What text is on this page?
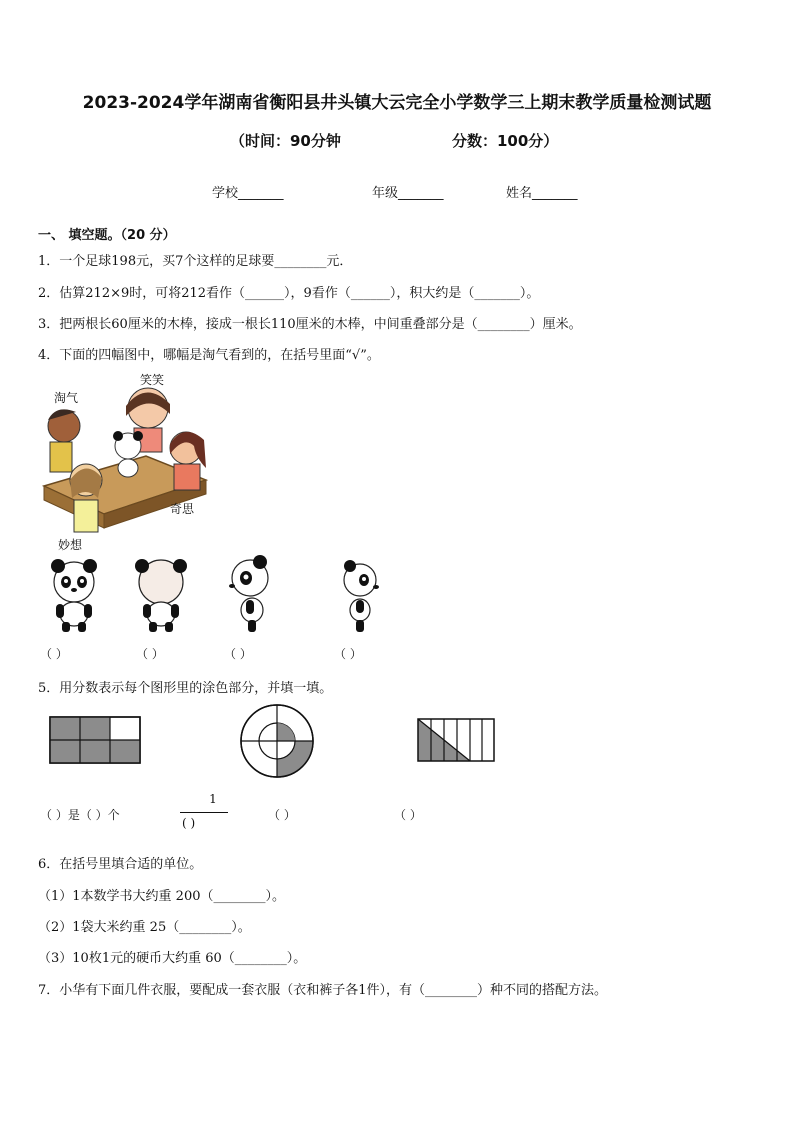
2023-2024学年湖南省衡阳县井头镇大云完全小学数学三上期末教学质量检测试题
（时间：90分钟	分数：100分）
学校_______	年级_______	姓名_______
一、 填空题。（20 分）
1．一个足球198元，买7个这样的足球要________元．
2．估算212×9时，可将212看作（______），9看作（______），积大约是（_______）。
3．把两根长60厘米的木棒，接成一根长110厘米的木棒，中间重叠部分是（________）厘米。
4．下面的四幅图中，哪幅是淘气看到的，在括号里面“√”。
淘气
笑笑
奇思
妙想
（ ）	（ ）	（ ）	（ ）
5．用分数表示每个图形里的涂色部分，并填一填。
（ ）是（ ）个
1
( )
（ ）	（ ）
6．在括号里填合适的单位。
（1）1本数学书大约重 200（________）。
（2）1袋大米约重 25（________）。
（3）10枚1元的硬币大约重 60（________）。
7．小华有下面几件衣服，要配成一套衣服（衣和裤子各1件），有（________）种不同的搭配方法。
